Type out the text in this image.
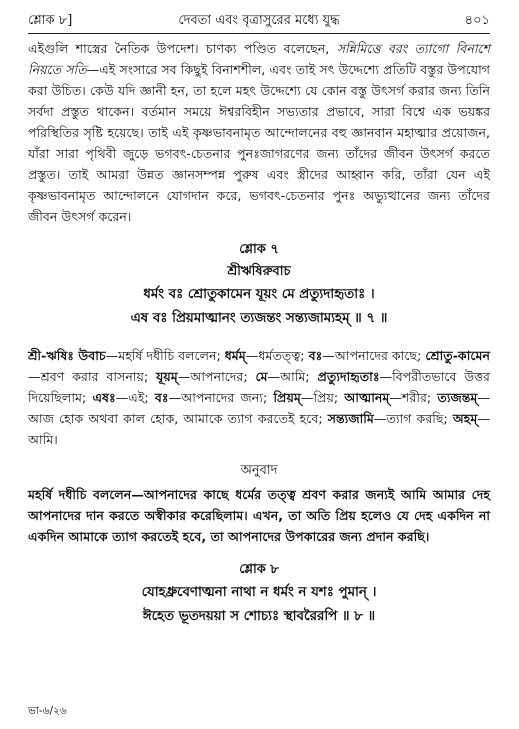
শ্লোক ৮]	দেবতা এবং বৃত্রাসুরের মধ্যে যুদ্ধ	৪০১

এইগুলি শাস্ত্রের নৈতিক উপদেশ। চাণক্য পণ্ডিত বলেছেন, সন্নিমিত্তে বরং ত্যাগো বিনাশে নিয়তে সতি—এই সংসারে সব কিছুই বিনাশশীল, এবং তাই সৎ উদ্দেশ্যে প্রতিটি বস্তুর উপযোগ করা উচিত। কেউ যদি জ্ঞানী হন, তা হলে মহৎ উদ্দেশ্যে যে কোন বস্তু উৎসর্গ করার জন্য তিনি সর্বদা প্রস্তুত থাকেন। বর্তমান সময়ে ঈশ্বরবিহীন সভ্যতার প্রভাবে, সারা বিশ্বে এক ভয়ঙ্কর পরিস্থিতির সৃষ্টি হয়েছে। তাই এই কৃষ্ণভাবনামৃত আন্দোলনের বহু জ্ঞানবান মহাত্মার প্রয়োজন, যাঁরা সারা পৃথিবী জুড়ে ভগবৎ-চেতনার পুনঃজাগরণের জন্য তাঁদের জীবন উৎসর্গ করতে প্রস্তুত। তাই আমরা উন্নত জ্ঞানসম্পন্ন পুরুষ এবং স্ত্রীদের আহ্বান করি, তাঁরা যেন এই কৃষ্ণভাবনামৃত আন্দোলনে যোগদান করে, ভগবৎ-চেতনার পুনঃ অভ্যুত্থানের জন্য তাঁদের জীবন উৎসর্গ করেন।

শ্লোক ৭
শ্রীঋষিরুবাচ
ধর্মং বঃ শ্রোতুকামেন যূয়ং মে প্রত্যুদাহৃতাঃ ।
এষ বঃ প্রিয়মাত্মানং ত্যজন্তং সন্ত্যজাম্যহম্ ॥ ৭ ॥

শ্রী-ঋষিঃ উবাচ—মহর্ষি দধীচি বললেন; ধর্মম্—ধর্মতত্ত্ব; বঃ—আপনাদের কাছে; শ্রোতু-কামেন—শ্রবণ করার বাসনায়; যূয়ম্—আপনাদের; মে—আমি; প্রত্যুদাহৃতাঃ—বিপরীতভাবে উত্তর দিয়েছিলাম; এষঃ—এই; বঃ—আপনাদের জন্য; প্রিয়ম্—প্রিয়; আত্মানম্—শরীর; ত্যজন্তম্—আজ হোক অথবা কাল হোক, আমাকে ত্যাগ করতেই হবে; সন্ত্যজামি—ত্যাগ করছি; অহম্—আমি।

অনুবাদ

মহর্ষি দধীচি বললেন—আপনাদের কাছে ধর্মের তত্ত্ব শ্রবণ করার জন্যই আমি আমার দেহ আপনাদের দান করতে অস্বীকার করেছিলাম। এখন, তা অতি প্রিয় হলেও যে দেহ একদিন না একদিন আমাকে ত্যাগ করতেই হবে, তা আপনাদের উপকারের জন্য প্রদান করছি।

শ্লোক ৮
যোহধ্রুবেণাত্মনা নাথা ন ধর্মং ন যশঃ পুমান্ ।
ঈহেত ভূতদয়য়া স শোচ্যঃ স্থাবরৈরপি ॥ ৮ ॥
ভা-৬/২৬
